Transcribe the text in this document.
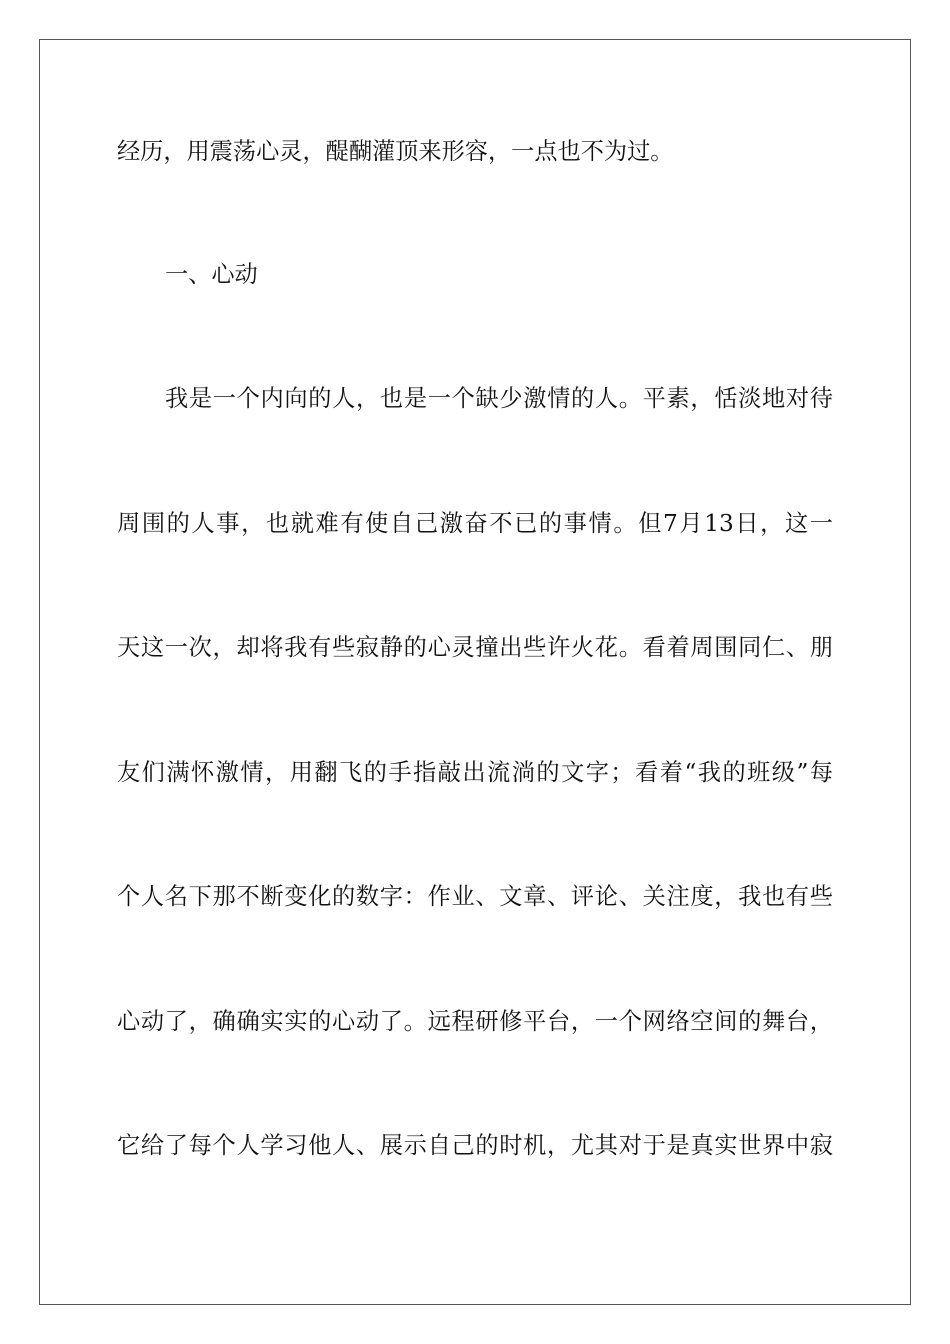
经历，用震荡心灵，醍醐灌顶来形容，一点也不为过。
一、心动
我是一个内向的人，也是一个缺少激情的人。平素，恬淡地对待
周围的人事，也就难有使自己激奋不已的事情。但7月13日，这一
天这一次，却将我有些寂静的心灵撞出些许火花。看着周围同仁、朋
友们满怀激情，用翻飞的手指敲出流淌的文字；看着“我的班级”每
个人名下那不断变化的数字：作业、文章、评论、关注度，我也有些
心动了，确确实实的心动了。远程研修平台，一个网络空间的舞台，
它给了每个人学习他人、展示自己的时机，尤其对于是真实世界中寂
